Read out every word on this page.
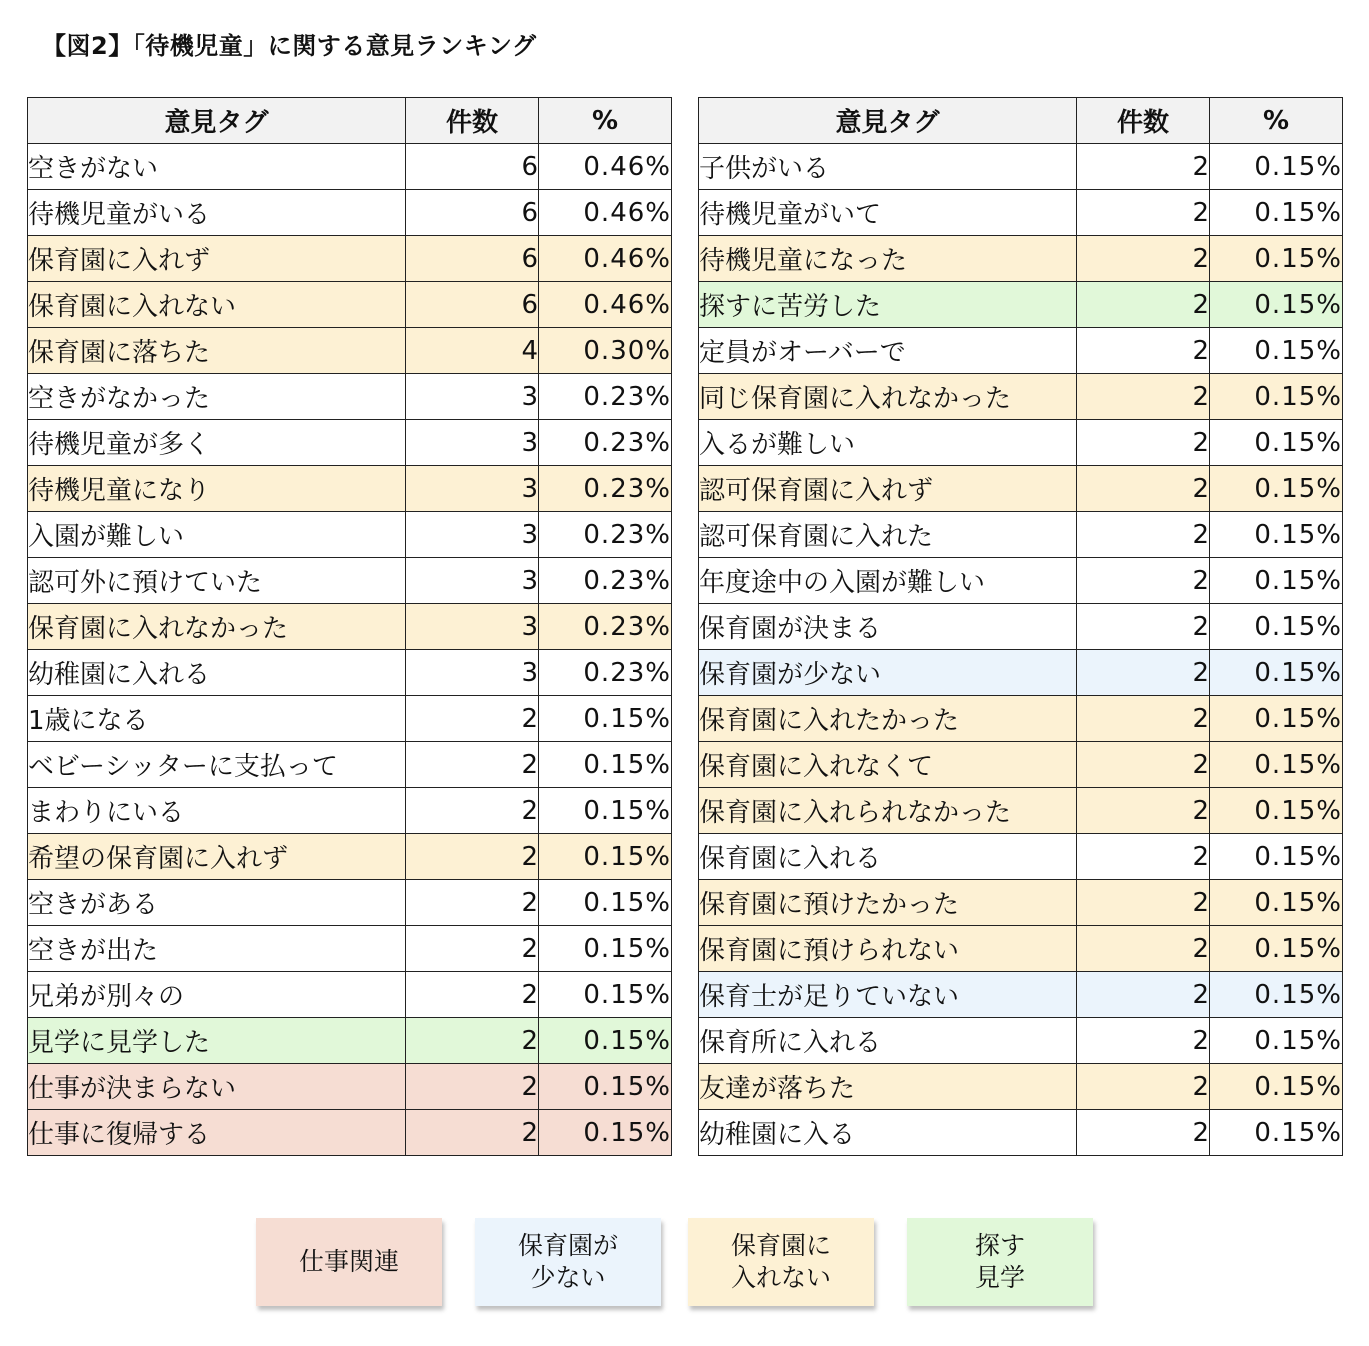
【図2】「待機児童」に関する意見ランキング
意見タグ	件数	%
空きがない	6	0.46%
待機児童がいる	6	0.46%
保育園に入れず	6	0.46%
保育園に入れない	6	0.46%
保育園に落ちた	4	0.30%
空きがなかった	3	0.23%
待機児童が多く	3	0.23%
待機児童になり	3	0.23%
入園が難しい	3	0.23%
認可外に預けていた	3	0.23%
保育園に入れなかった	3	0.23%
幼稚園に入れる	3	0.23%
1歳になる	2	0.15%
ベビーシッターに支払って	2	0.15%
まわりにいる	2	0.15%
希望の保育園に入れず	2	0.15%
空きがある	2	0.15%
空きが出た	2	0.15%
兄弟が別々の	2	0.15%
見学に見学した	2	0.15%
仕事が決まらない	2	0.15%
仕事に復帰する	2	0.15%
意見タグ	件数	%
子供がいる	2	0.15%
待機児童がいて	2	0.15%
待機児童になった	2	0.15%
探すに苦労した	2	0.15%
定員がオーバーで	2	0.15%
同じ保育園に入れなかった	2	0.15%
入るが難しい	2	0.15%
認可保育園に入れず	2	0.15%
認可保育園に入れた	2	0.15%
年度途中の入園が難しい	2	0.15%
保育園が決まる	2	0.15%
保育園が少ない	2	0.15%
保育園に入れたかった	2	0.15%
保育園に入れなくて	2	0.15%
保育園に入れられなかった	2	0.15%
保育園に入れる	2	0.15%
保育園に預けたかった	2	0.15%
保育園に預けられない	2	0.15%
保育士が足りていない	2	0.15%
保育所に入れる	2	0.15%
友達が落ちた	2	0.15%
幼稚園に入る	2	0.15%
仕事関連
保育園が
少ない
保育園に
入れない
探す
見学
